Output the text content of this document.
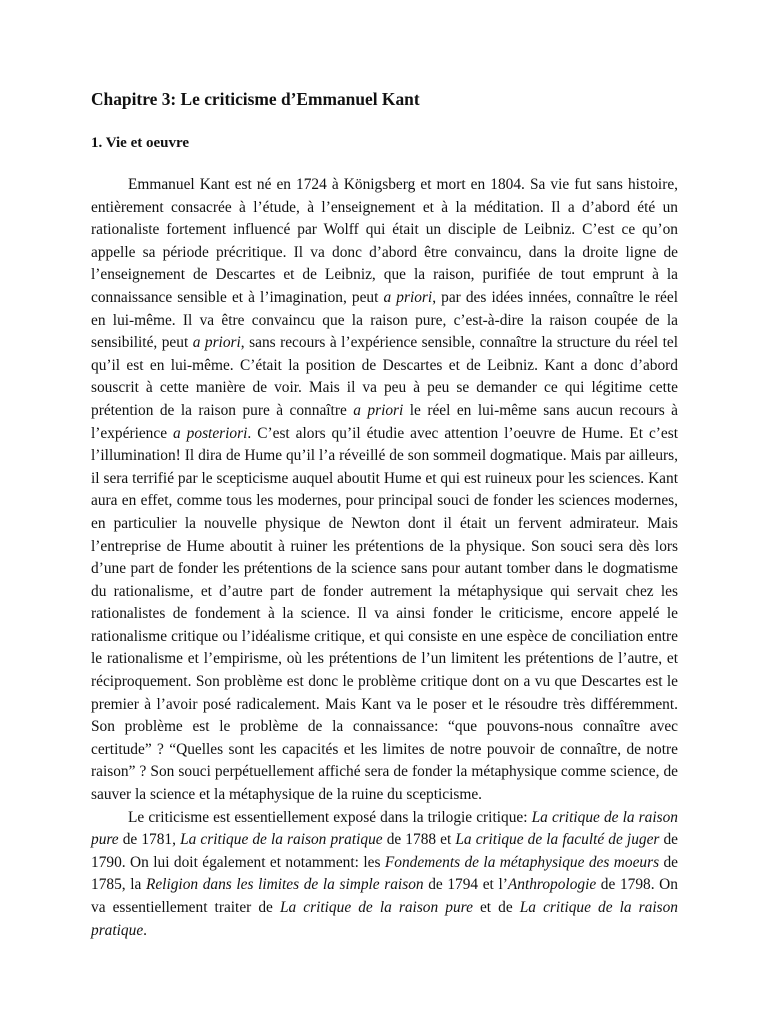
Chapitre 3: Le criticisme d’Emmanuel Kant
1. Vie et oeuvre

Emmanuel Kant est né en 1724 à Königsberg et mort en 1804. Sa vie fut sans histoire, entièrement consacrée à l’étude, à l’enseignement et à la méditation. Il a d’abord été un rationaliste fortement influencé par Wolff qui était un disciple de Leibniz. C’est ce qu’on appelle sa période précritique. Il va donc d’abord être convaincu, dans la droite ligne de l’enseignement de Descartes et de Leibniz, que la raison, purifiée de tout emprunt à la connaissance sensible et à l’imagination, peut a priori, par des idées innées, connaître le réel en lui-même. Il va être convaincu que la raison pure, c’est-à-dire la raison coupée de la sensibilité, peut a priori, sans recours à l’expérience sensible, connaître la structure du réel tel qu’il est en lui-même. C’était la position de Descartes et de Leibniz. Kant a donc d’abord souscrit à cette manière de voir. Mais il va peu à peu se demander ce qui légitime cette prétention de la raison pure à connaître a priori le réel en lui-même sans aucun recours à l’expérience a posteriori. C’est alors qu’il étudie avec attention l’oeuvre de Hume. Et c’est l’illumination! Il dira de Hume qu’il l’a réveillé de son sommeil dogmatique. Mais par ailleurs, il sera terrifié par le scepticisme auquel aboutit Hume et qui est ruineux pour les sciences. Kant aura en effet, comme tous les modernes, pour principal souci de fonder les sciences modernes, en particulier la nouvelle physique de Newton dont il était un fervent admirateur. Mais l’entreprise de Hume aboutit à ruiner les prétentions de la physique. Son souci sera dès lors d’une part de fonder les prétentions de la science sans pour autant tomber dans le dogmatisme du rationalisme, et d’autre part de fonder autrement la métaphysique qui servait chez les rationalistes de fondement à la science. Il va ainsi fonder le criticisme, encore appelé le rationalisme critique ou l’idéalisme critique, et qui consiste en une espèce de conciliation entre le rationalisme et l’empirisme, où les prétentions de l’un limitent les prétentions de l’autre, et réciproquement. Son problème est donc le problème critique dont on a vu que Descartes est le premier à l’avoir posé radicalement. Mais Kant va le poser et le résoudre très différemment. Son problème est le problème de la connaissance: “que pouvons-nous connaître avec certitude” ? “Quelles sont les capacités et les limites de notre pouvoir de connaître, de notre raison” ? Son souci perpétuellement affiché sera de fonder la métaphysique comme science, de sauver la science et la métaphysique de la ruine du scepticisme.

Le criticisme est essentiellement exposé dans la trilogie critique: La critique de la raison pure de 1781, La critique de la raison pratique de 1788 et La critique de la faculté de juger de 1790. On lui doit également et notamment: les Fondements de la métaphysique des moeurs de 1785, la Religion dans les limites de la simple raison de 1794 et l’Anthropologie de 1798. On va essentiellement traiter de La critique de la raison pure et de La critique de la raison pratique.
